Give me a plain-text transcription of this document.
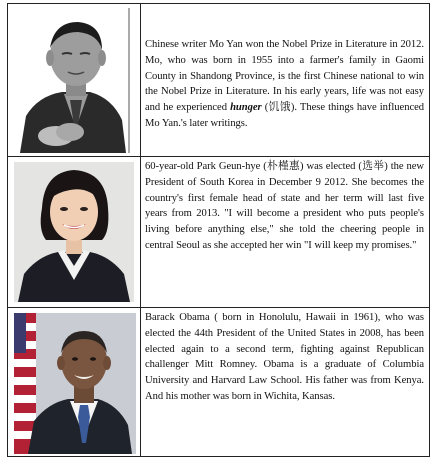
Chinese writer Mo Yan won the Nobel Prize in Literature in 2012. Mo, who was born in 1955 into a farmer's family in Gaomi County in Shandong Province, is the first Chinese national to win the Nobel Prize in Literature. In his early years, life was not easy and he experienced hunger (饥饿). These things have influenced Mo Yan.'s later writings.
60-year-old Park Geun-hye (朴槿惠) was elected (选举) the new President of South Korea in December 9 2012. She becomes the country's first female head of state and her term will last five years from 2013. "I will become a president who puts people's living before anything else," she told the cheering people in central Seoul as she accepted her win "I will keep my promises."
Barack Obama ( born in Honolulu, Hawaii in 1961), who was elected the 44th President of the United States in 2008, has been elected again to a second term, fighting against Republican challenger Mitt Romney. Obama is a graduate of Columbia University and Harvard Law School. His father was from Kenya. And his mother was born in Wichita, Kansas.
